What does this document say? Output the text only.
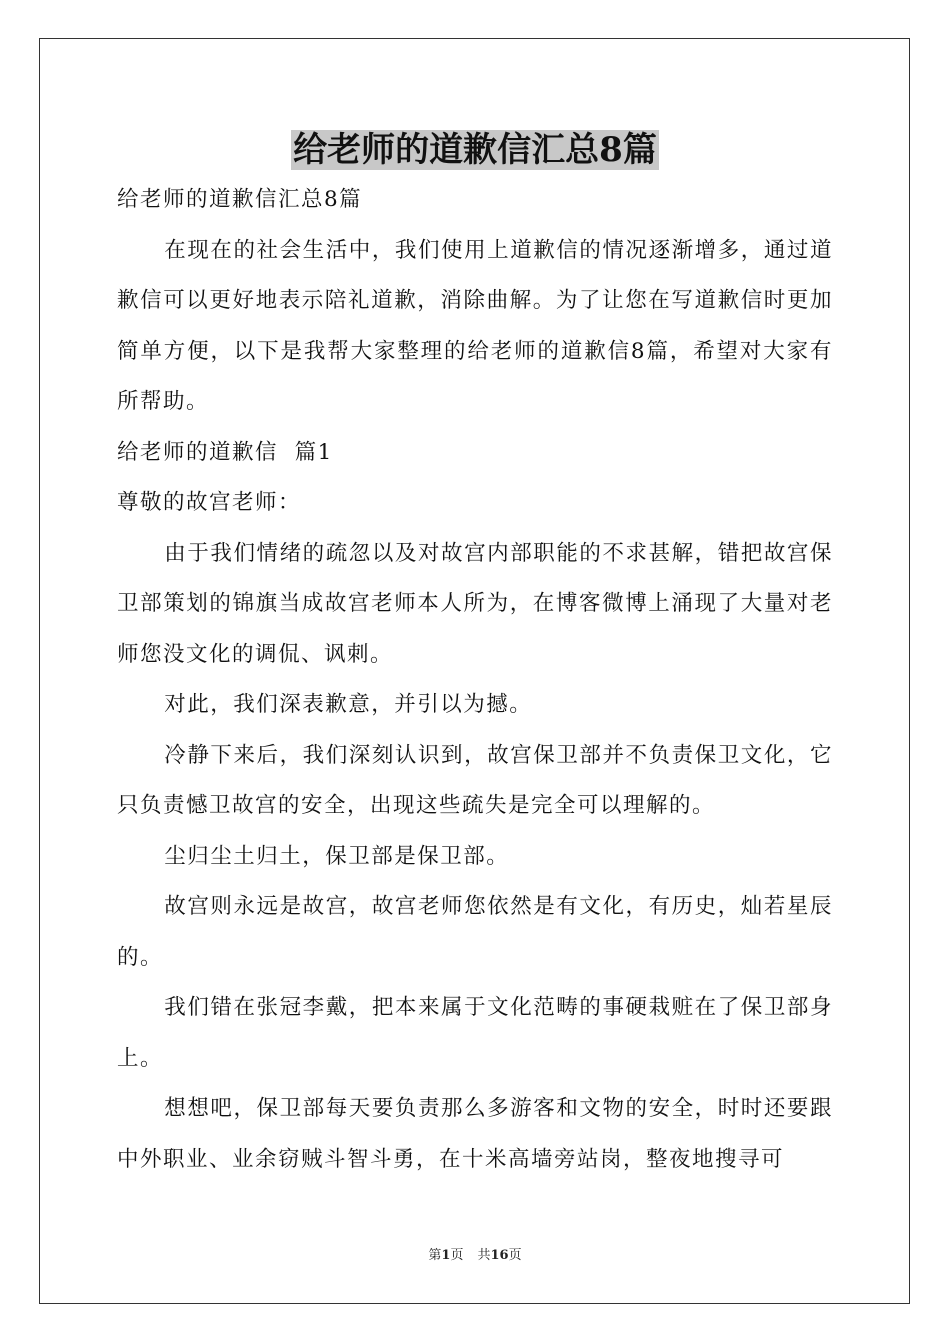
给老师的道歉信汇总8篇

给老师的道歉信汇总8篇

在现在的社会生活中，我们使用上道歉信的情况逐渐增多，通过道歉信可以更好地表示陪礼道歉，消除曲解。为了让您在写道歉信时更加简单方便，以下是我帮大家整理的给老师的道歉信8篇，希望对大家有所帮助。

给老师的道歉信  篇1

尊敬的故宫老师：

由于我们情绪的疏忽以及对故宫内部职能的不求甚解，错把故宫保卫部策划的锦旗当成故宫老师本人所为，在博客微博上涌现了大量对老师您没文化的调侃、讽刺。

对此，我们深表歉意，并引以为撼。

冷静下来后，我们深刻认识到，故宫保卫部并不负责保卫文化，它只负责憾卫故宫的安全，出现这些疏失是完全可以理解的。

尘归尘土归土，保卫部是保卫部。

故宫则永远是故宫，故宫老师您依然是有文化，有历史，灿若星辰的。

我们错在张冠李戴，把本来属于文化范畴的事硬栽赃在了保卫部身上。

想想吧，保卫部每天要负责那么多游客和文物的安全，时时还要跟中外职业、业余窃贼斗智斗勇，在十米高墙旁站岗，整夜地搜寻可

第1页 共16页
